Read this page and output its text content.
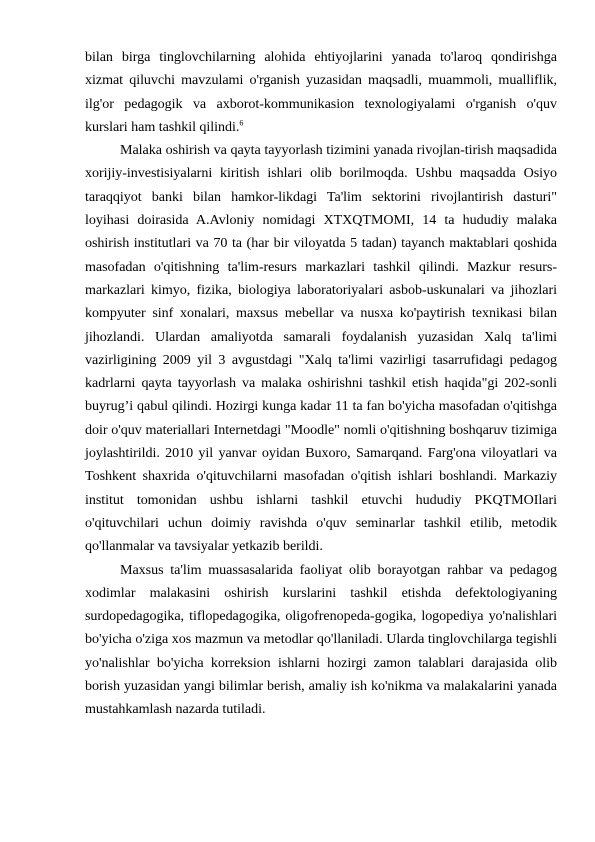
bilan birga tinglovchilarning alohida ehtiyojlarini yanada to'laroq qondirishga xizmat qiluvchi mavzulami o'rganish yuzasidan maqsadli, muammoli, mualliflik, ilg'or pedagogik va axborot-kommunikasion texnologiyalami o'rganish o'quv kurslari ham tashkil qilindi.$^6$

Malaka oshirish va qayta tayyorlash tizimini yanada rivojlan-tirish maqsadida xorijiy-investisiyalarni kiritish ishlari olib borilmoqda. Ushbu maqsadda Osiyo taraqqiyot banki bilan hamkor-likdagi Ta'lim sektorini rivojlantirish dasturi" loyihasi doirasida A.Avloniy nomidagi XTXQTMOMI, 14 ta hududiy malaka oshirish institutlari va 70 ta (har bir viloyatda 5 tadan) tayanch maktablari qoshida masofadan o'qitishning ta'lim-resurs markazlari tashkil qilindi. Mazkur resurs-markazlari kimyo, fizika, biologiya laboratoriyalari asbob-uskunalari va jihozlari kompyuter sinf xonalari, maxsus mebellar va nusxa ko'paytirish texnikasi bilan jihozlandi. Ulardan amaliyotda samarali foydalanish yuzasidan Xalq ta'limi vazirligining 2009 yil 3 avgustdagi "Xalq ta'limi vazirligi tasarrufidagi pedagog kadrlarni qayta tayyorlash va malaka oshirishni tashkil etish haqida"gi 202-sonli buyrug’i qabul qilindi. Hozirgi kunga kadar 11 ta fan bo'yicha masofadan o'qitishga doir o'quv materiallari Internetdagi "Moodle" nomli o'qitishning boshqaruv tizimiga joylashtirildi. 2010 yil yanvar oyidan Buxoro, Samarqand. Farg'ona viloyatlari va Toshkent shaxrida o'qituvchilarni masofadan o'qitish ishlari boshlandi. Markaziy institut tomonidan ushbu ishlarni tashkil etuvchi hududiy PKQTMOIlari o'qituvchilari uchun doimiy ravishda o'quv seminarlar tashkil etilib, metodik qo'llanmalar va tavsiyalar yetkazib berildi.

Maxsus ta'lim muassasalarida faoliyat olib borayotgan rahbar va pedagog xodimlar malakasini oshirish kurslarini tashkil etishda defektologiyaning surdopedagogika, tiflopedagogika, oligofrenopeda-gogika, logopediya yo'nalishlari bo'yicha o'ziga xos mazmun va metodlar qo'llaniladi. Ularda tinglovchilarga tegishli yo'nalishlar bo'yicha korreksion ishlarni hozirgi zamon talablari darajasida olib borish yuzasidan yangi bilimlar berish, amaliy ish ko'nikma va malakalarini yanada mustahkamlash nazarda tutiladi.
